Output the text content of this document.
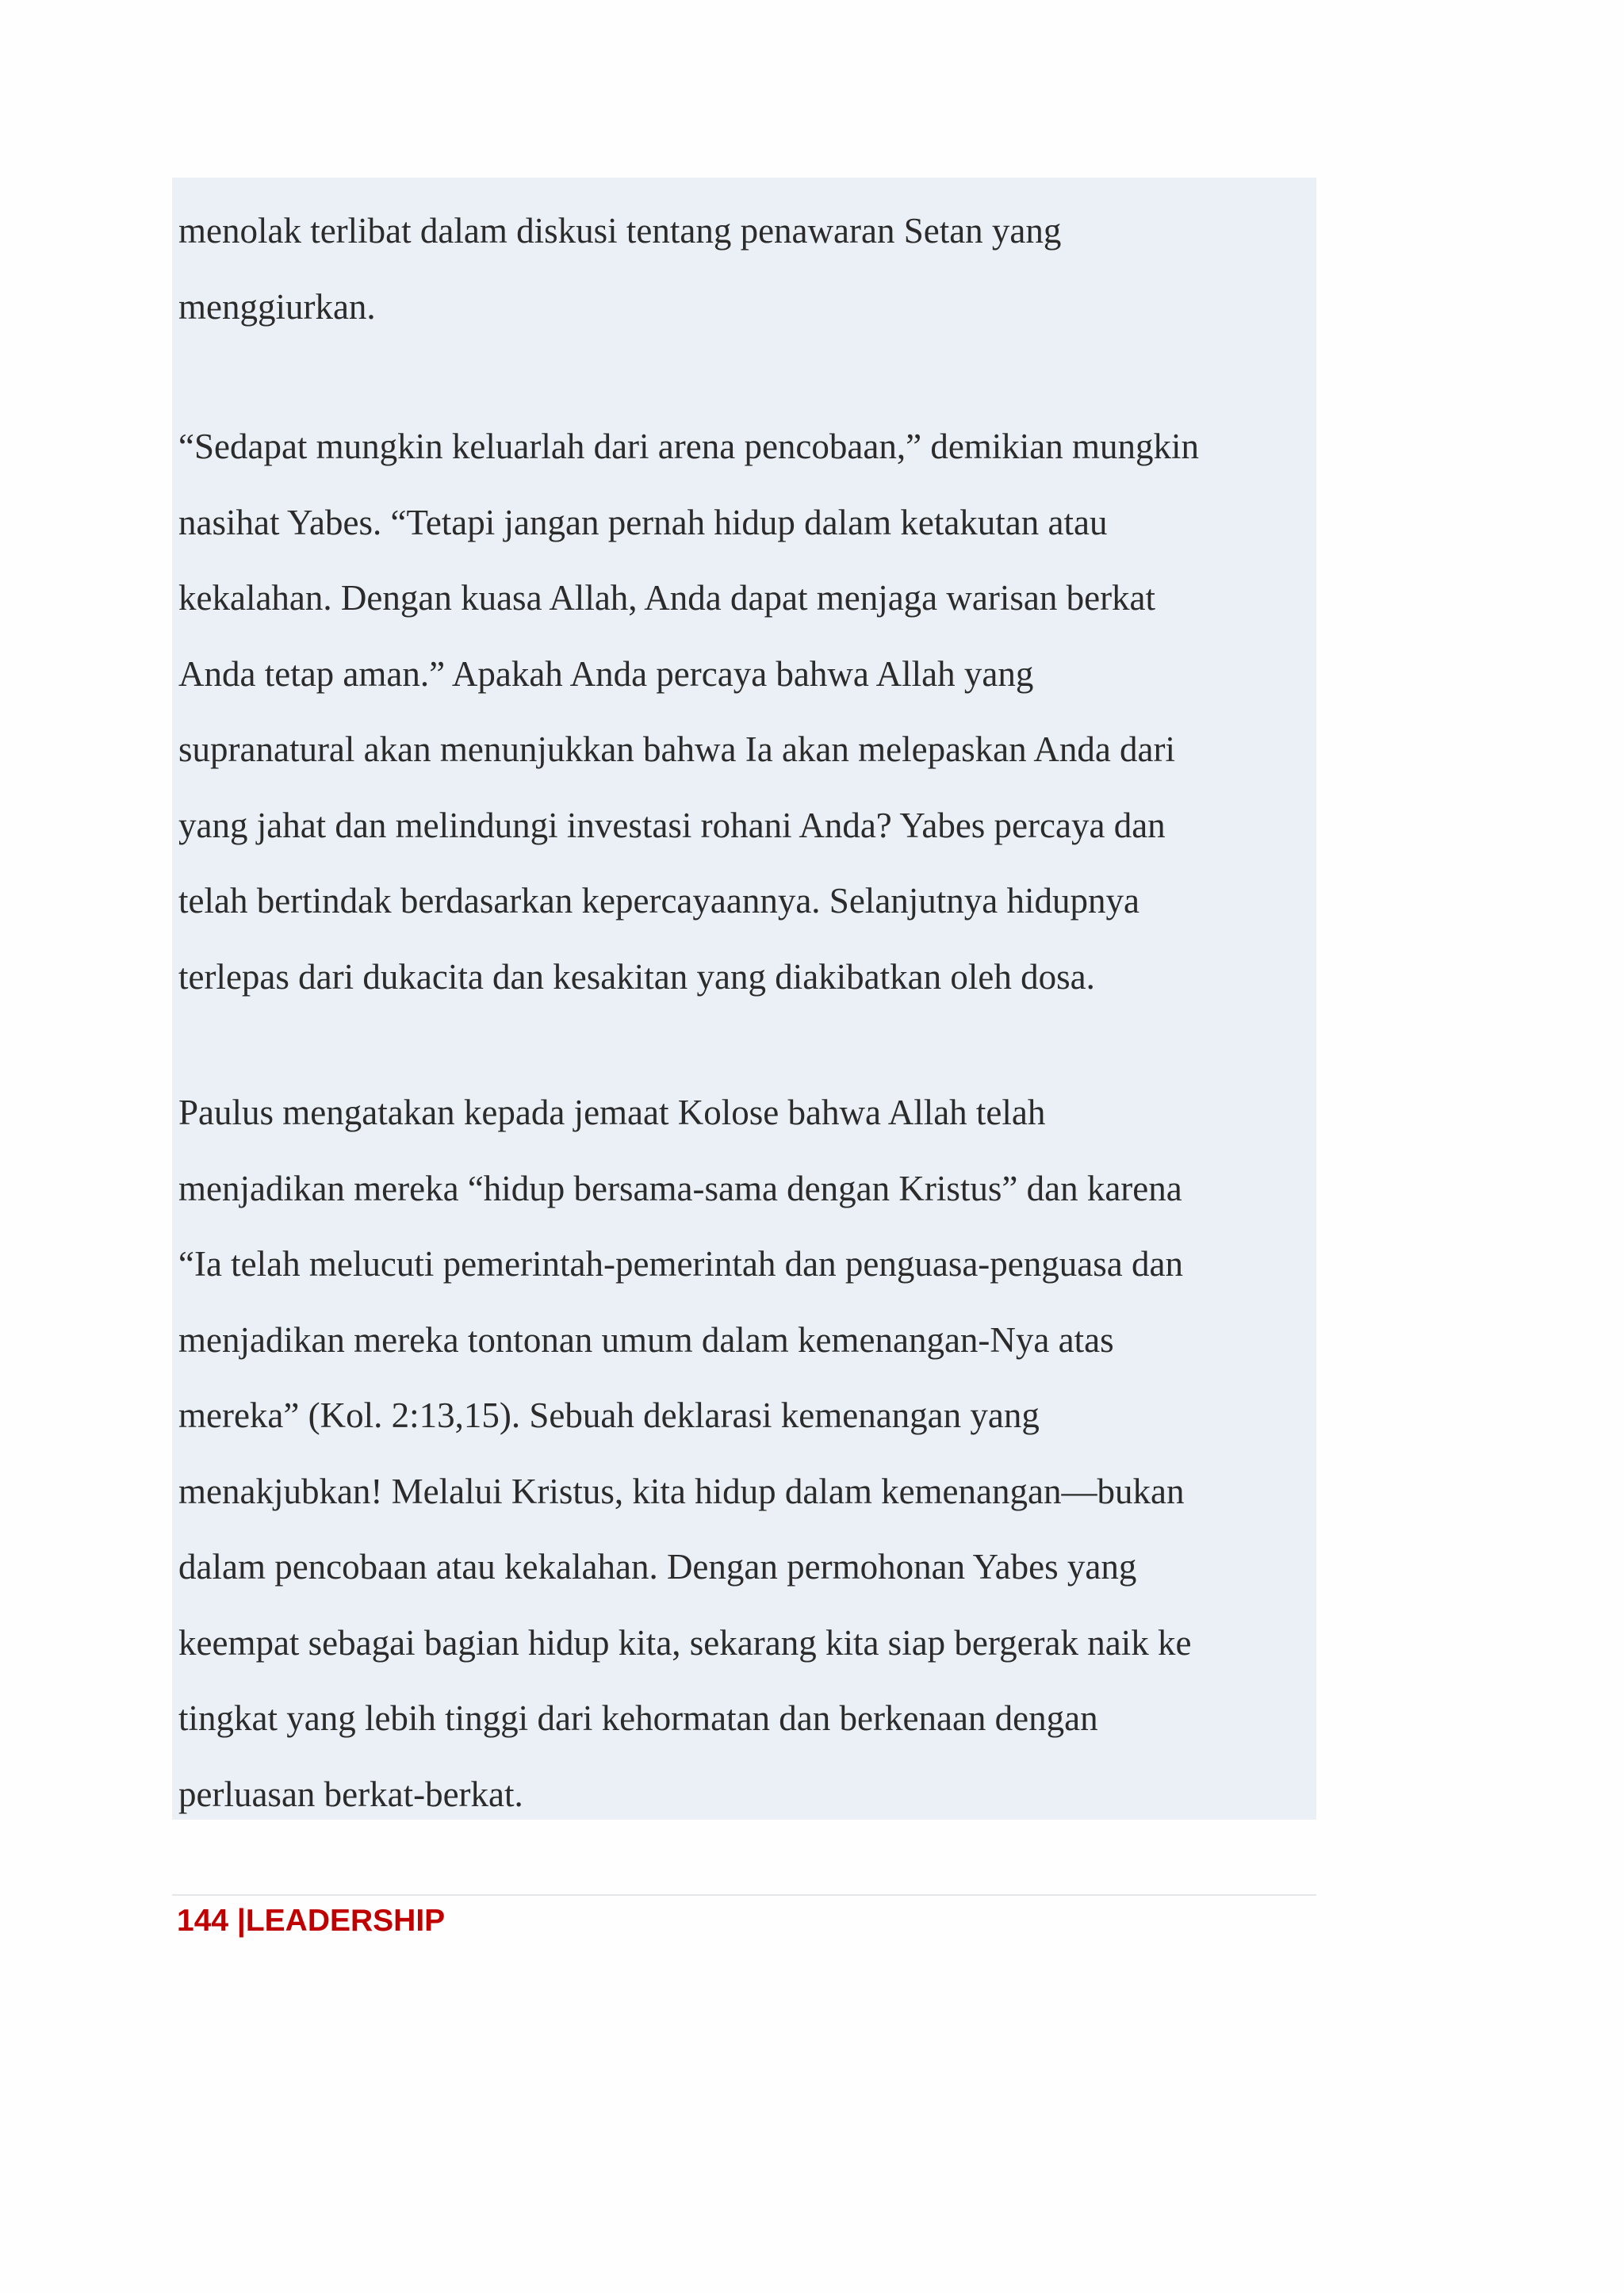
menolak terlibat dalam diskusi tentang penawaran Setan yang
menggiurkan.

“Sedapat mungkin keluarlah dari arena pencobaan,” demikian mungkin
nasihat Yabes. “Tetapi jangan pernah hidup dalam ketakutan atau
kekalahan. Dengan kuasa Allah, Anda dapat menjaga warisan berkat
Anda tetap aman.” Apakah Anda percaya bahwa Allah yang
supranatural akan menunjukkan bahwa Ia akan melepaskan Anda dari
yang jahat dan melindungi investasi rohani Anda? Yabes percaya dan
telah bertindak berdasarkan kepercayaannya. Selanjutnya hidupnya
terlepas dari dukacita dan kesakitan yang diakibatkan oleh dosa.

Paulus mengatakan kepada jemaat Kolose bahwa Allah telah
menjadikan mereka “hidup bersama-sama dengan Kristus” dan karena
“Ia telah melucuti pemerintah-pemerintah dan penguasa-penguasa dan
menjadikan mereka tontonan umum dalam kemenangan-Nya atas
mereka” (Kol. 2:13,15). Sebuah deklarasi kemenangan yang
menakjubkan! Melalui Kristus, kita hidup dalam kemenangan—bukan
dalam pencobaan atau kekalahan. Dengan permohonan Yabes yang
keempat sebagai bagian hidup kita, sekarang kita siap bergerak naik ke
tingkat yang lebih tinggi dari kehormatan dan berkenaan dengan
perluasan berkat-berkat.

144 |LEADERSHIP
